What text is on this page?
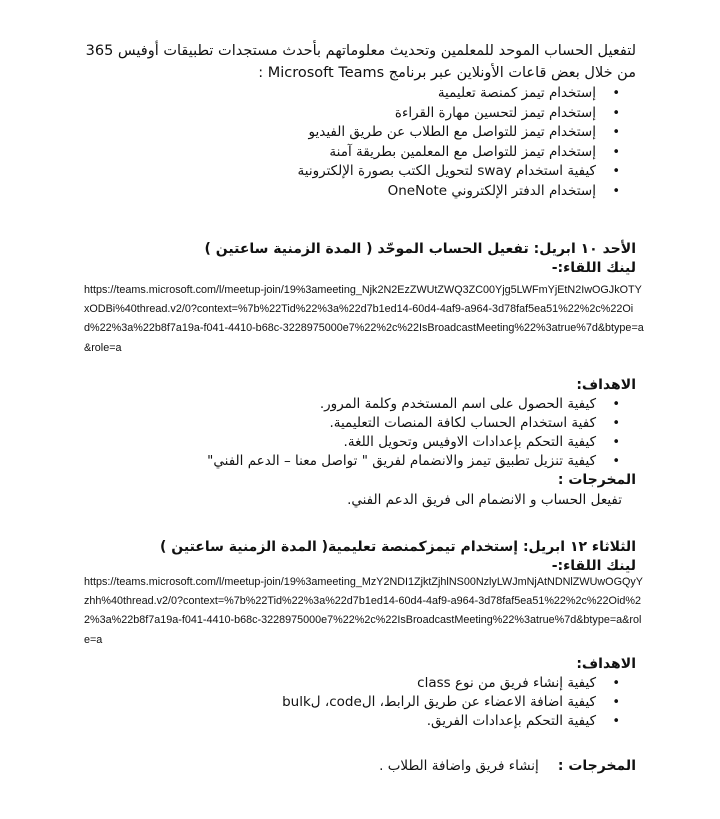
لتفعيل الحساب الموحد للمعلمين وتحديث معلوماتهم بأحدث مستجدات تطبيقات أوفيس 365 من خلال بعض قاعات الأونلاين عبر برنامج Microsoft Teams :
• إستخدام تيمز كمنصة تعليمية
• إستخدام تيمز لتحسين مهارة القراءة
• إستخدام تيمز للتواصل مع الطلاب عن طريق الفيديو
• إستخدام تيمز للتواصل مع المعلمين بطريقة آمنة
• كيفية استخدام sway لتحويل الكتب بصورة الإلكترونية
• إستخدام الدفتر الإلكتروني OneNote
الأحد ١٠ ابريل: تفعيل الحساب الموحّد ( المدة الزمنية ساعتين )
لينك اللقاء:-
https://teams.microsoft.com/l/meetup-join/19%3ameeting_Njk2N2EzZWUtZWQ3ZC00Yjg5LWFmYjEtN2IwOGJkOTYxODBi%40thread.v2/0?context=%7b%22Tid%22%3a%22d7b1ed14-60d4-4af9-a964-3d78faf5ea51%22%2c%22Oid%22%3a%22b8f7a19a-f041-4410-b68c-3228975000e7%22%2c%22IsBroadcastMeeting%22%3atrue%7d&btype=a&role=a
الاهداف:
• كيفية الحصول على اسم المستخدم وكلمة المرور.
• كفية استخدام الحساب لكافة المنصات التعليمية.
• كيفية التحكم بإعدادات الاوفيس وتحويل اللغة.
• كيفية تنزيل تطبيق تيمز والانضمام لفريق " تواصل معنا – الدعم الفني"
المخرجات :
تفيعل الحساب و الانضمام الى فريق الدعم الفني.
الثلاثاء ١٢ ابريل: إستخدام تيمزكمنصة تعليمية( المدة الزمنية ساعتين )
لينك اللقاء:-
https://teams.microsoft.com/l/meetup-join/19%3ameeting_MzY2NDI1ZjktZjhlNS00NzlyLWJmNjAtNDNlZWUwOGQyYzhh%40thread.v2/0?context=%7b%22Tid%22%3a%22d7b1ed14-60d4-4af9-a964-3d78faf5ea51%22%2c%22Oid%22%3a%22b8f7a19a-f041-4410-b68c-3228975000e7%22%2c%22IsBroadcastMeeting%22%3atrue%7d&btype=a&role=a
الاهداف:
• كيفية إنشاء فريق من نوع class
• كيفية اضافة الاعضاء عن طريق الرابط، الcode، لbulk
• كيفية التحكم بإعدادات الفريق.
المخرجات : إنشاء فريق واضافة الطلاب .
